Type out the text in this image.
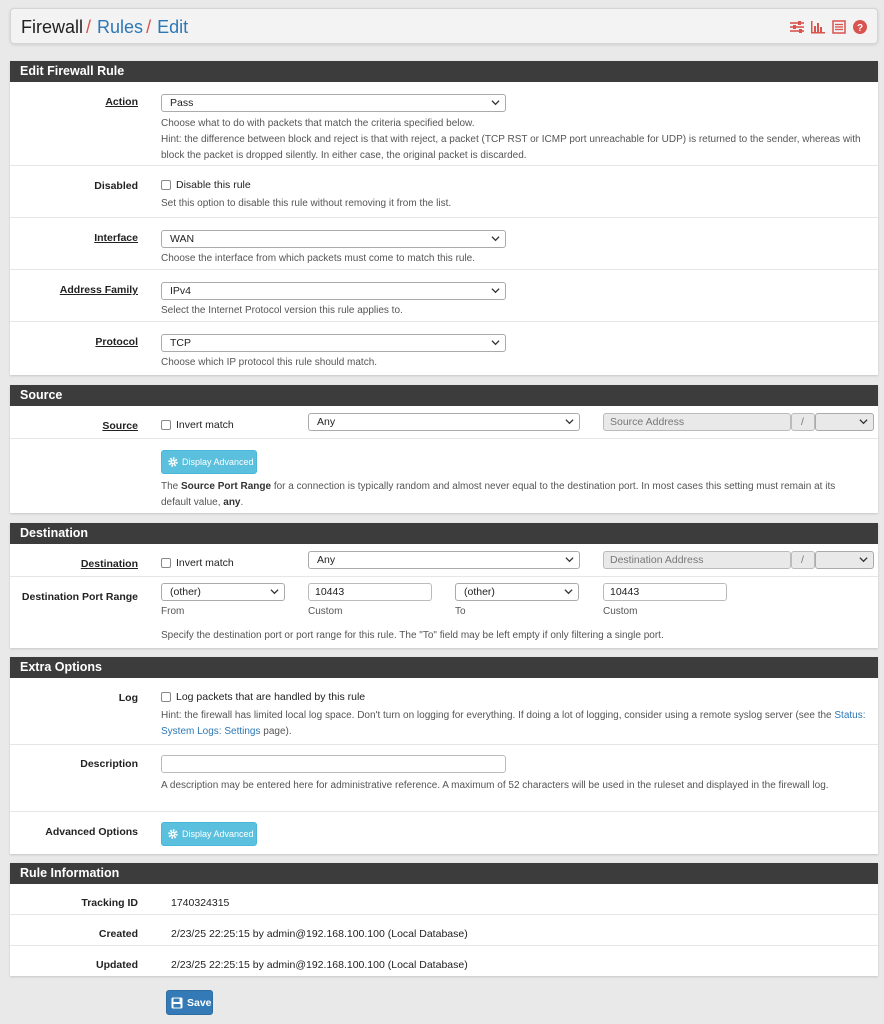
Firewall / Rules / Edit	?
Edit Firewall Rule
Action	Pass
Choose what to do with packets that match the criteria specified below.
Hint: the difference between block and reject is that with reject, a packet (TCP RST or ICMP port unreachable for UDP) is returned to the sender, whereas with block the packet is dropped silently. In either case, the original packet is discarded.
Disabled	Disable this rule
Set this option to disable this rule without removing it from the list.
Interface	WAN
Choose the interface from which packets must come to match this rule.
Address Family	IPv4
Select the Internet Protocol version this rule applies to.
Protocol	TCP
Choose which IP protocol this rule should match.
Source
Source	Invert match	Any	Source Address	/
Display Advanced
The Source Port Range for a connection is typically random and almost never equal to the destination port. In most cases this setting must remain at its default value, any.
Destination
Destination	Invert match	Any	Destination Address	/
Destination Port Range	(other)	10443	(other)	10443
From	Custom	To	Custom
Specify the destination port or port range for this rule. The "To" field may be left empty if only filtering a single port.
Extra Options
Log	Log packets that are handled by this rule
Hint: the firewall has limited local log space. Don't turn on logging for everything. If doing a lot of logging, consider using a remote syslog server (see the Status: System Logs: Settings page).
Description
A description may be entered here for administrative reference. A maximum of 52 characters will be used in the ruleset and displayed in the firewall log.
Advanced Options	Display Advanced
Rule Information
Tracking ID	1740324315
Created	2/23/25 22:25:15 by admin@192.168.100.100 (Local Database)
Updated	2/23/25 22:25:15 by admin@192.168.100.100 (Local Database)
Save
